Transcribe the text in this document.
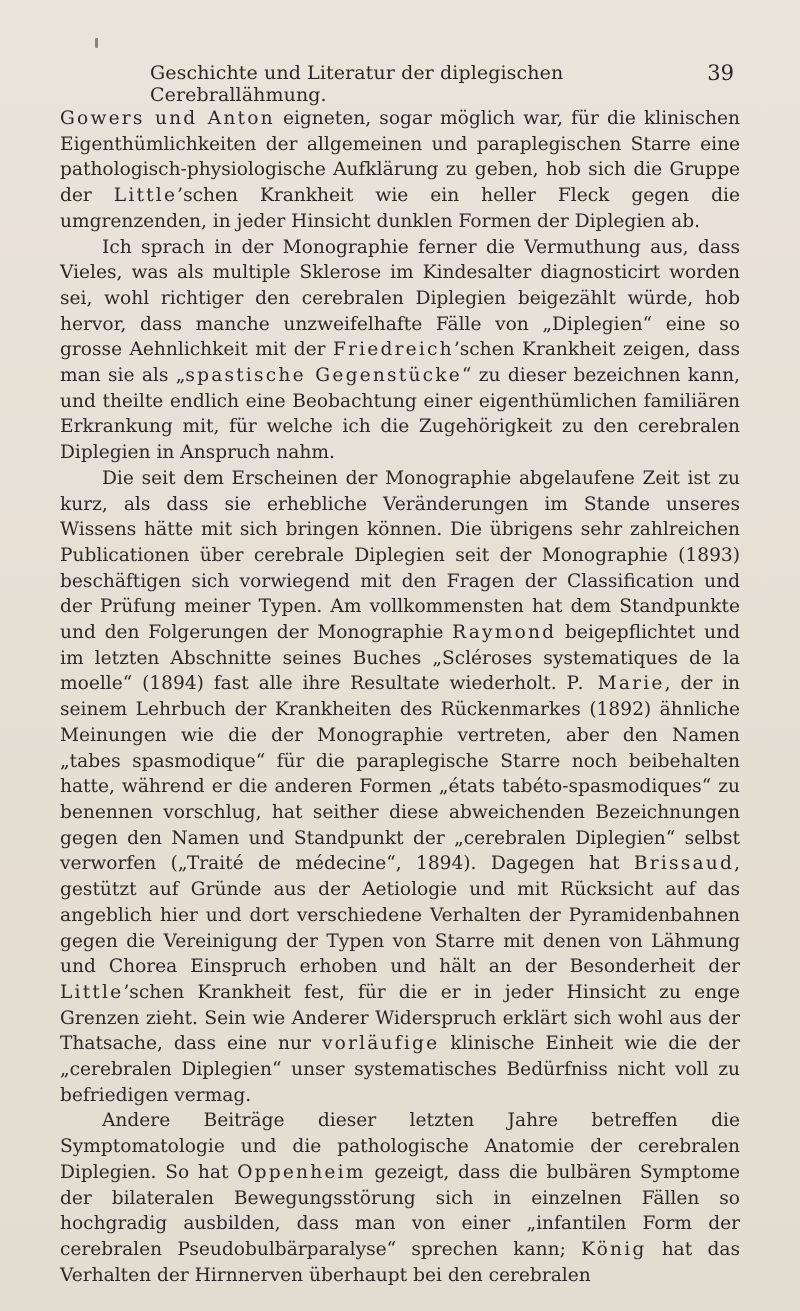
Geschichte und Literatur der diplegischen Cerebrallähmung.
39

Gowers und Anton eigneten, sogar möglich war, für die klinischen Eigenthümlichkeiten der allgemeinen und paraplegischen Starre eine pathologisch-physiologische Aufklärung zu geben, hob sich die Gruppe der Little’schen Krankheit wie ein heller Fleck gegen die umgrenzenden, in jeder Hinsicht dunklen Formen der Diplegien ab.

Ich sprach in der Monographie ferner die Vermuthung aus, dass Vieles, was als multiple Sklerose im Kindesalter diagnosticirt worden sei, wohl richtiger den cerebralen Diplegien beigezählt würde, hob hervor, dass manche unzweifelhafte Fälle von „Diplegien“ eine so grosse Aehnlichkeit mit der Friedreich’schen Krankheit zeigen, dass man sie als „spastische Gegenstücke“ zu dieser bezeichnen kann, und theilte endlich eine Beobachtung einer eigenthümlichen familiären Erkrankung mit, für welche ich die Zugehörigkeit zu den cerebralen Diplegien in Anspruch nahm.

Die seit dem Erscheinen der Monographie abgelaufene Zeit ist zu kurz, als dass sie erhebliche Veränderungen im Stande unseres Wissens hätte mit sich bringen können. Die übrigens sehr zahlreichen Publicationen über cerebrale Diplegien seit der Monographie (1893) beschäftigen sich vorwiegend mit den Fragen der Classification und der Prüfung meiner Typen. Am vollkommensten hat dem Standpunkte und den Folgerungen der Monographie Raymond beigepflichtet und im letzten Abschnitte seines Buches „Scléroses systematiques de la moelle“ (1894) fast alle ihre Resultate wiederholt. P. Marie, der in seinem Lehrbuch der Krankheiten des Rückenmarkes (1892) ähnliche Meinungen wie die der Monographie vertreten, aber den Namen „tabes spasmodique“ für die paraplegische Starre noch beibehalten hatte, während er die anderen Formen „états tabéto-spasmodiques“ zu benennen vorschlug, hat seither diese abweichenden Bezeichnungen gegen den Namen und Standpunkt der „cerebralen Diplegien“ selbst verworfen („Traité de médecine“, 1894). Dagegen hat Brissaud, gestützt auf Gründe aus der Aetiologie und mit Rücksicht auf das angeblich hier und dort verschiedene Verhalten der Pyramidenbahnen gegen die Vereinigung der Typen von Starre mit denen von Lähmung und Chorea Einspruch erhoben und hält an der Besonderheit der Little’schen Krankheit fest, für die er in jeder Hinsicht zu enge Grenzen zieht. Sein wie Anderer Widerspruch erklärt sich wohl aus der Thatsache, dass eine nur vorläufige klinische Einheit wie die der „cerebralen Diplegien“ unser systematisches Bedürfniss nicht voll zu befriedigen vermag.

Andere Beiträge dieser letzten Jahre betreffen die Symptomatologie und die pathologische Anatomie der cerebralen Diplegien. So hat Oppenheim gezeigt, dass die bulbären Symptome der bilateralen Bewegungsstörung sich in einzelnen Fällen so hochgradig ausbilden, dass man von einer „infantilen Form der cerebralen Pseudobulbärparalyse“ sprechen kann; König hat das Verhalten der Hirnnerven überhaupt bei den cerebralen
